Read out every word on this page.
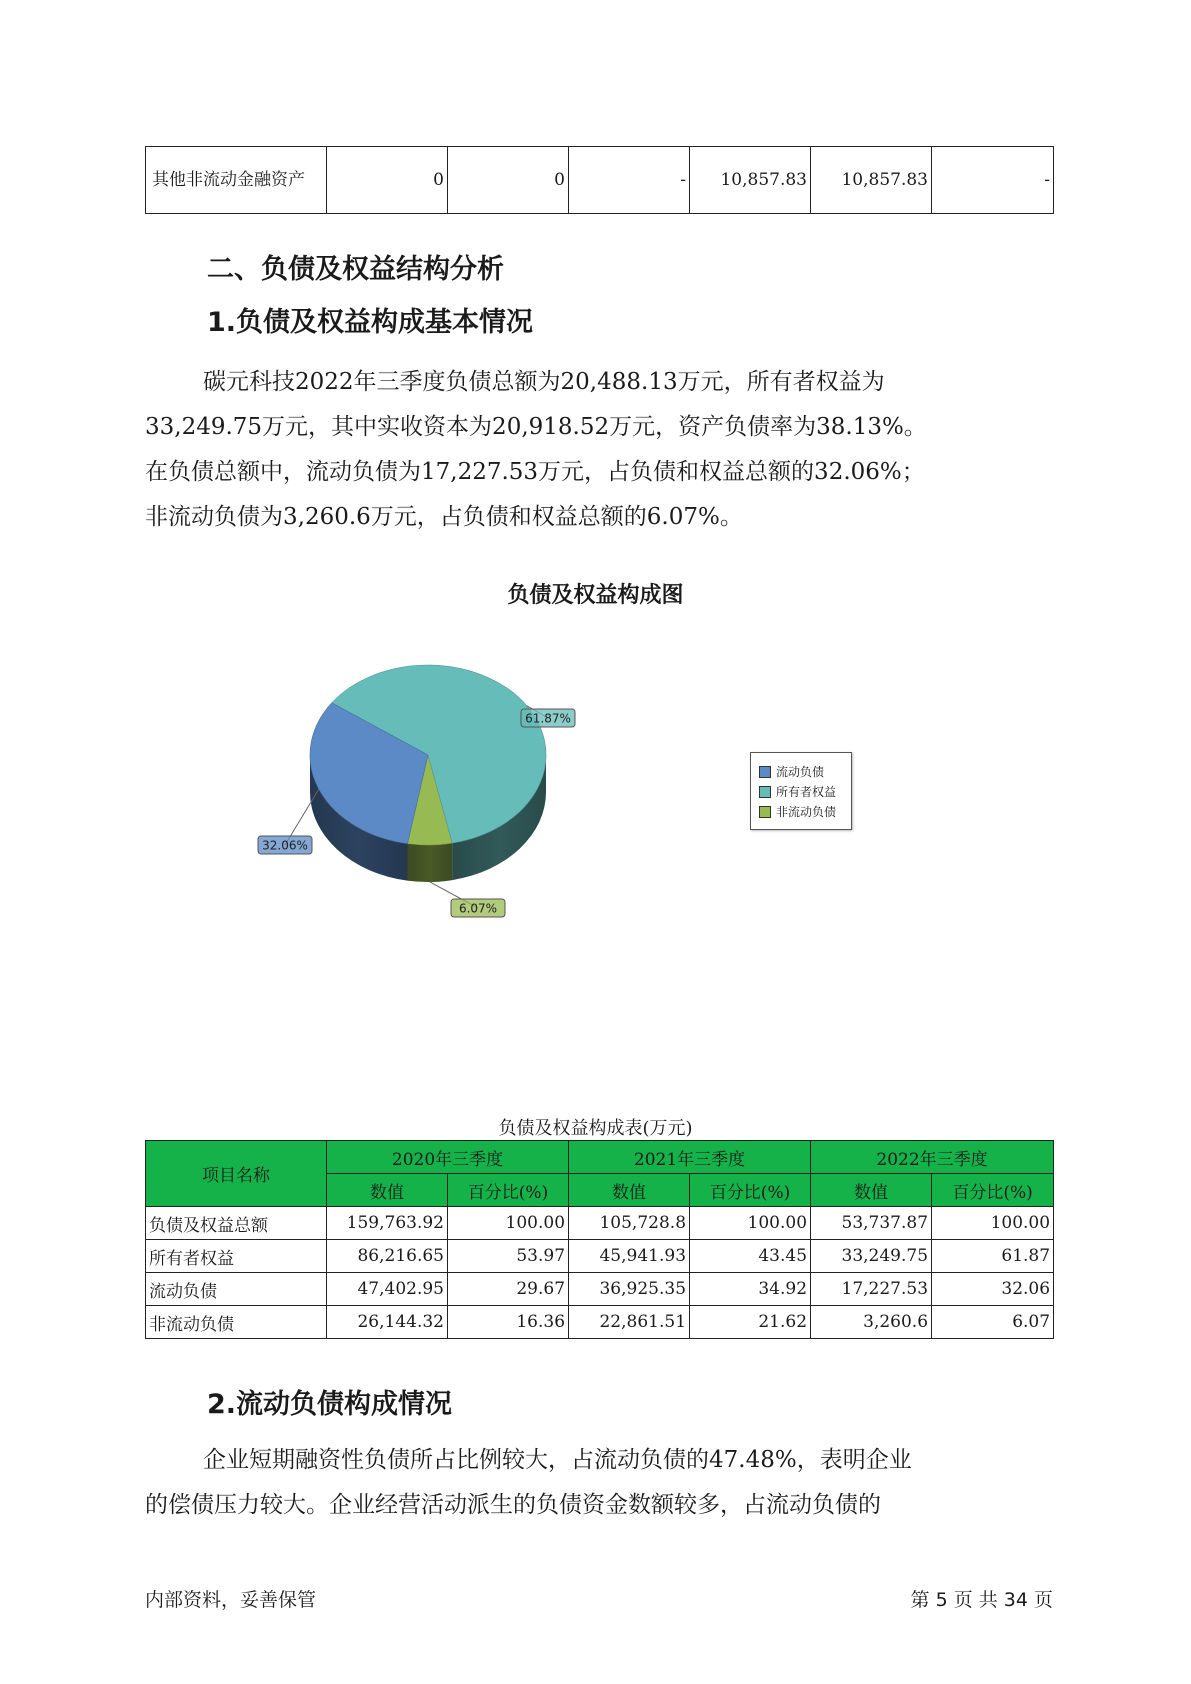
其他非流动金融资产	0	0	-	10,857.83	10,857.83	-
二、负债及权益结构分析
1.负债及权益构成基本情况
碳元科技2022年三季度负债总额为20,488.13万元，所有者权益为
33,249.75万元，其中实收资本为20,918.52万元，资产负债率为38.13%。
在负债总额中，流动负债为17,227.53万元，占负债和权益总额的32.06%；
非流动负债为3,260.6万元，占负债和权益总额的6.07%。
负债及权益构成图
6.07%
61.87%
32.06%
流动负债
所有者权益
非流动负债
负债及权益构成表(万元)
项目名称	2020年三季度		2021年三季度		2022年三季度	
	数值	百分比(%)	数值	百分比(%)	数值	百分比(%)
负债及权益总额	159,763.92	100.00	105,728.8	100.00	53,737.87	100.00
所有者权益	86,216.65	53.97	45,941.93	43.45	33,249.75	61.87
流动负债	47,402.95	29.67	36,925.35	34.92	17,227.53	32.06
非流动负债	26,144.32	16.36	22,861.51	21.62	3,260.6	6.07
2.流动负债构成情况
企业短期融资性负债所占比例较大，占流动负债的47.48%，表明企业
的偿债压力较大。企业经营活动派生的负债资金数额较多，占流动负债的
内部资料，妥善保管	第 5 页 共 34 页
